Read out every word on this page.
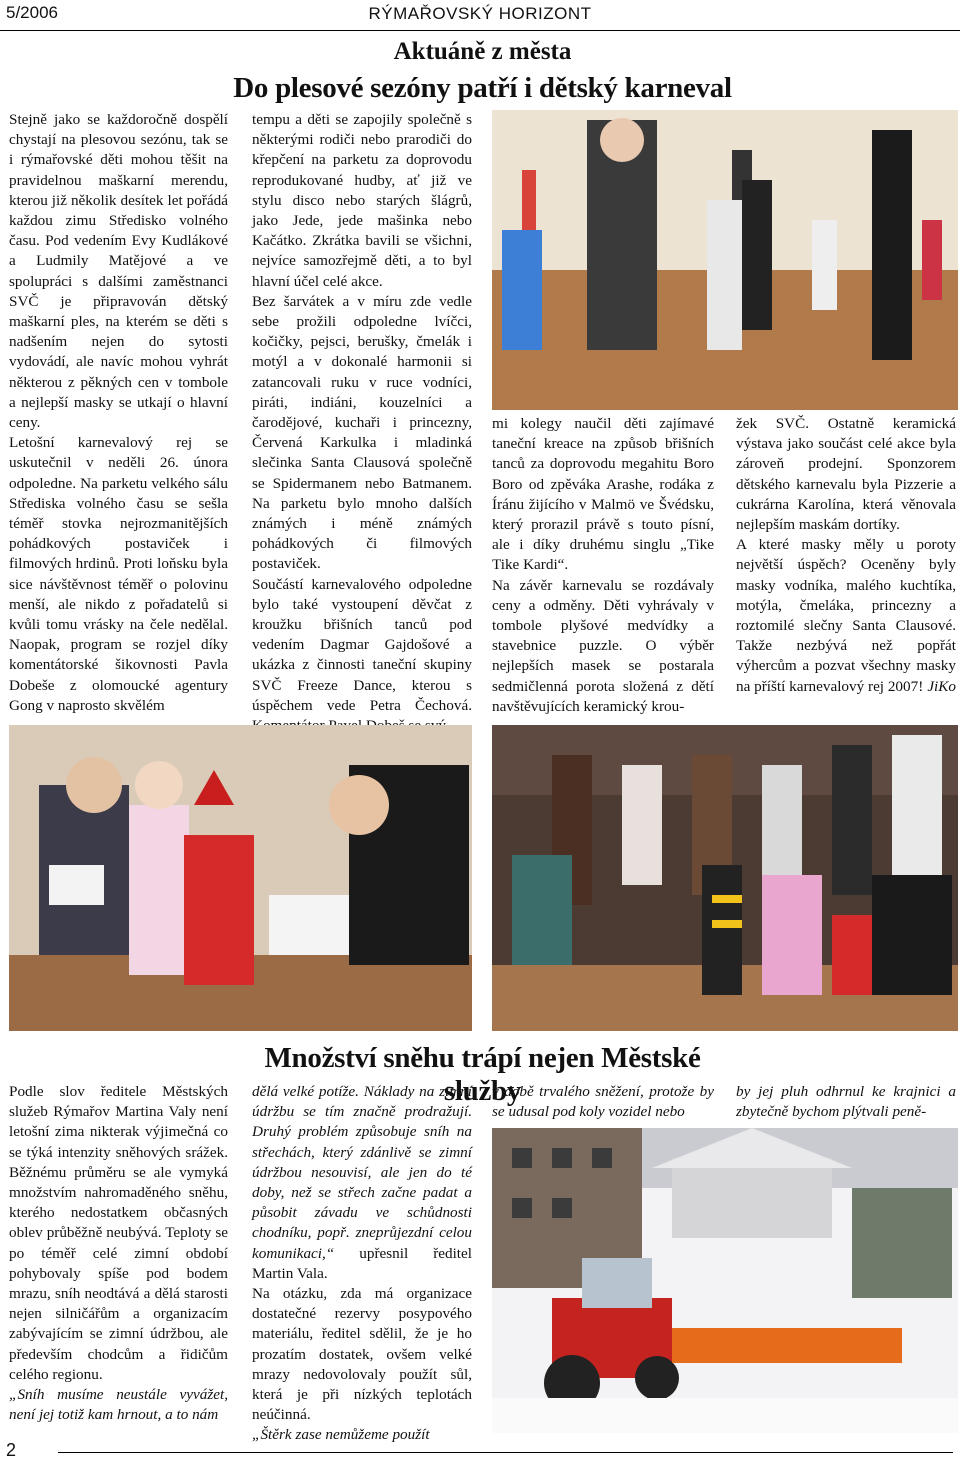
5/2006	RÝMAŘOVSKÝ HORIZONT
Aktuáně z města
Do plesové sezóny patří i dětský karneval

Stejně jako se každoročně dospělí chystají na plesovou sezónu, tak se i rýmařovské děti mohou těšit na pravidelnou maškarní merendu, kterou již několik desítek let pořádá každou zimu Středisko volného času. Pod vedením Evy Kudlákové a Ludmily Matějové a ve spolupráci s dalšími zaměstnanci SVČ je připravován dětský maškarní ples, na kterém se děti s nadšením nejen do sytosti vydovádí, ale navíc mohou vyhrát některou z pěkných cen v tombole a nejlepší masky se utkají o hlavní ceny.

Letošní karnevalový rej se uskutečnil v neděli 26. února odpoledne. Na parketu velkého sálu Střediska volného času se sešla téměř stovka nejrozmanitějších pohádkových postaviček i filmových hrdinů. Proti loňsku byla sice návštěvnost téměř o polovinu menší, ale nikdo z pořadatelů si kvůli tomu vrásky na čele nedělal. Naopak, program se rozjel díky komentátorské šikovnosti Pavla Dobeše z olomoucké agentury Gong v naprosto skvělém

tempu a děti se zapojily společně s některými rodiči nebo prarodiči do křepčení na parketu za doprovodu reprodukované hudby, ať již ve stylu disco nebo starých šlágrů, jako Jede, jede mašinka nebo Kačátko. Zkrátka bavili se všichni, nejvíce samozřejmě děti, a to byl hlavní účel celé akce.

Bez šarvátek a v míru zde vedle sebe prožili odpoledne lvíčci, kočičky, pejsci, berušky, čmelák i motýl a v dokonalé harmonii si zatancovali ruku v ruce vodníci, piráti, indiáni, kouzelníci a čarodějové, kuchaři i princezny, Červená Karkulka i mladinká slečinka Santa Clausová společně se Spidermanem nebo Batmanem. Na parketu bylo mnoho dalších známých i méně známých pohádkových či filmových postaviček.

Součástí karnevalového odpoledne bylo také vystoupení děvčat z kroužku břišních tanců pod vedením Dagmar Gajdošové a ukázka z činnosti taneční skupiny SVČ Freeze Dance, kterou s úspěchem vede Petra Čechová.

mi kolegy naučil děti zajímavé taneční kreace na způsob břišních tanců za doprovodu megahitu Boro Boro od zpěváka Arashe, rodáka z Íránu žijícího v Malmö ve Švédsku, který prorazil právě s touto písní, ale i díky druhému singlu „Tike Tike Kardi“.

Na závěr karnevalu se rozdávaly ceny a odměny. Děti vyhrávaly v tombole plyšové medvídky a stavebnice puzzle. O výběr nejlepších masek se postarala sedmičlenná porota složená z dětí navštěvujících keramický krou-

žek SVČ. Ostatně keramická výstava jako součást celé akce byla zároveň prodejní. Sponzorem dětského karnevalu byla Pizzerie a cukrárna Karolína, která věnovala nejlepším maskám dortíky.

A které masky měly u poroty největší úspěch? Oceněny byly masky vodníka, malého kuchtíka, motýla, čmeláka, princezny a roztomilé slečny Santa Clausové. Takže nezbývá než popřát výhercům a pozvat všechny masky na příští karnevalový rej 2007! JiKo

Množství sněhu trápí nejen Městské služby

Podle slov ředitele Městských služeb Rýmařov Martina Valy není letošní zima nikterak výjimečná co se týká intenzity sněhových srážek. Běžnému průměru se ale vymyká množstvím nahromaděného sněhu, kterého nedostatkem občasných oblev průběžně neubývá. Teploty se po téměř celé zimní období pohybovaly spíše pod bodem mrazu, sníh neodtává a dělá starosti nejen silničářům a organizacím zabývajícím se zimní údržbou, ale především chodcům a řidičům celého regionu.

„Sníh musíme neustále vyvážet, není jej totiž kam hrnout, a to nám

dělá velké potíže. Náklady na zimní údržbu se tím značně prodražují. Druhý problém způsobuje sníh na střechách, který zdánlivě se zimní údržbou nesouvisí, ale jen do té doby, než se střech začne padat a působit závadu ve schůdnosti chodníku, popř. zneprůjezdní celou komunikaci,“ upřesnil ředitel Martin Vala.

Na otázku, zda má organizace dostatečné rezervy posypového materiálu, ředitel sdělil, že je ho prozatím dostatek, ovšem velké mrazy nedovolovaly použít sůl, která je při nízkých teplotách neúčinná.

„Štěrk zase nemůžeme použít

v době trvalého sněžení, protože by se udusal pod koly vozidel nebo

by jej pluh odhrnul ke krajnici a zbytečně bychom plýtvali peně-

2
